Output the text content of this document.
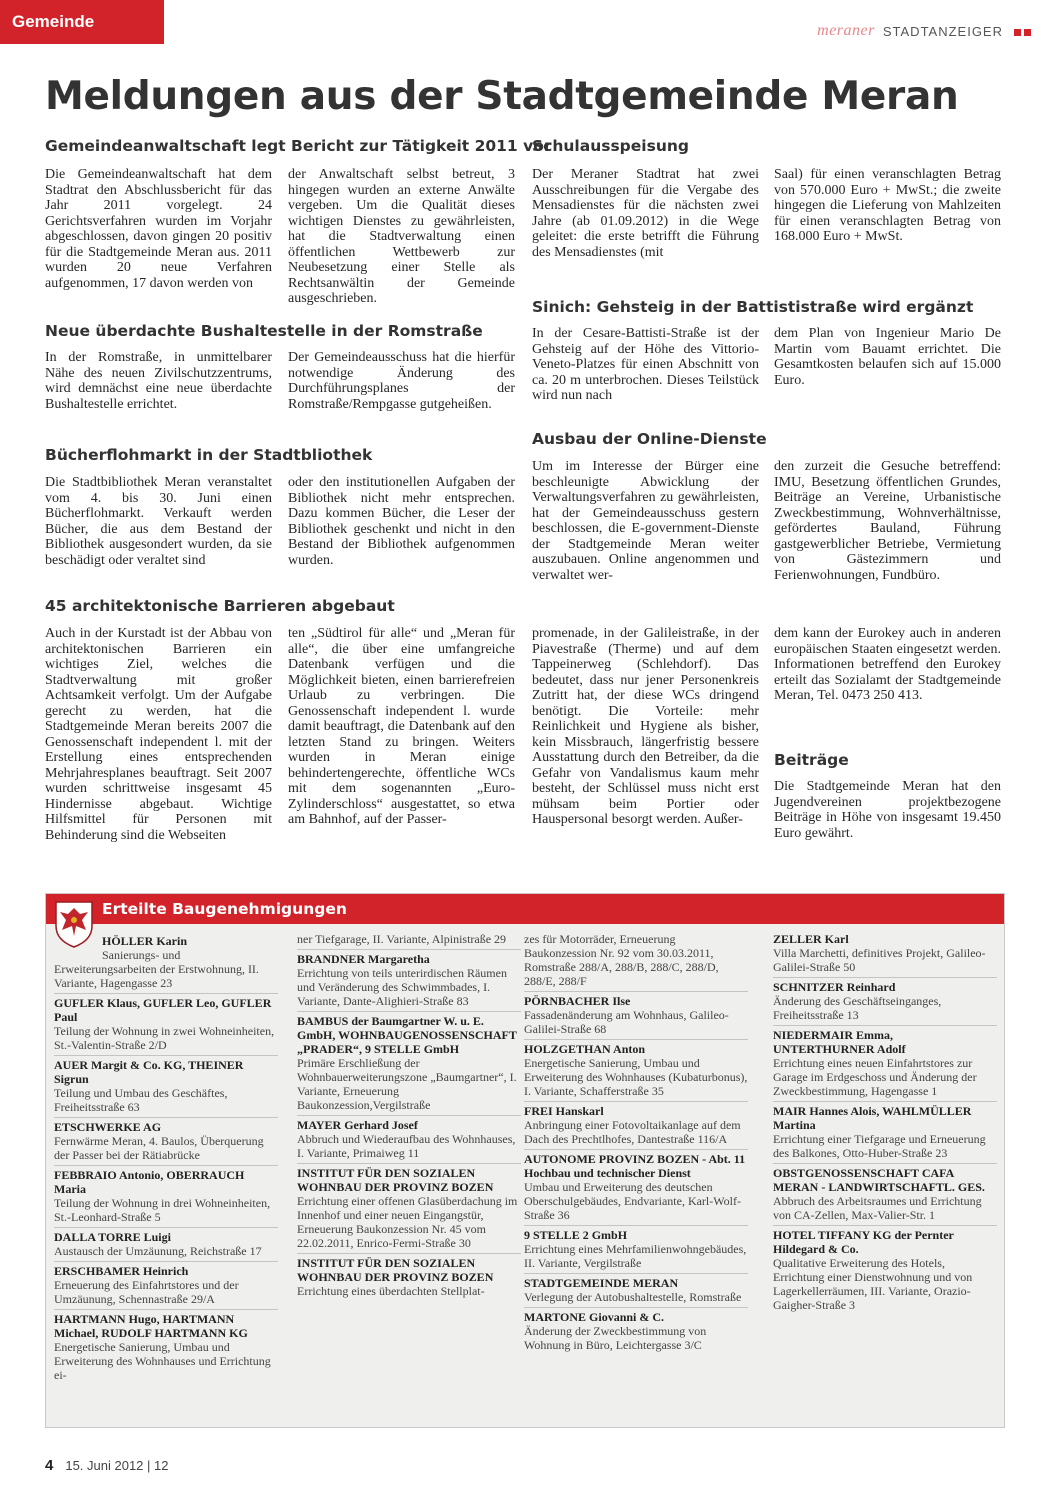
Gemeinde	meraner STADTANZEIGER
Meldungen aus der Stadtgemeinde Meran
Gemeindeanwaltschaft legt Bericht zur Tätigkeit 2011 vor
Die Gemeindeanwaltschaft hat dem Stadtrat den Abschlussbericht für das Jahr 2011 vorgelegt. 24 Gerichtsverfahren wurden im Vorjahr abgeschlossen, davon gingen 20 positiv für die Stadtgemeinde Meran aus. 2011 wurden 20 neue Verfahren aufgenommen, 17 davon werden von
der Anwaltschaft selbst betreut, 3 hingegen wurden an externe Anwälte vergeben. Um die Qualität dieses wichtigen Dienstes zu gewährleisten, hat die Stadtverwaltung einen öffentlichen Wettbewerb zur Neubesetzung einer Stelle als Rechtsanwältin der Gemeinde ausgeschrieben.
Neue überdachte Bushaltestelle in der Romstraße
In der Romstraße, in unmittelbarer Nähe des neuen Zivilschutzzentrums, wird demnächst eine neue überdachte Bushaltestelle errichtet.
Der Gemeindeausschuss hat die hierfür notwendige Änderung des Durchführungsplanes der Romstraße/Rempgasse gutgeheißen.
Bücherflohmarkt in der Stadtbliothek
Die Stadtbibliothek Meran veranstaltet vom 4. bis 30. Juni einen Bücherflohmarkt. Verkauft werden Bücher, die aus dem Bestand der Bibliothek ausgesondert wurden, da sie beschädigt oder veraltet sind
oder den institutionellen Aufgaben der Bibliothek nicht mehr entsprechen. Dazu kommen Bücher, die Leser der Bibliothek geschenkt und nicht in den Bestand der Bibliothek aufgenommen wurden.
45 architektonische Barrieren abgebaut
Auch in der Kurstadt ist der Abbau von architektonischen Barrieren ein wichtiges Ziel, welches die Stadtverwaltung mit großer Achtsamkeit verfolgt. Um der Aufgabe gerecht zu werden, hat die Stadtgemeinde Meran bereits 2007 die Genossenschaft independent l. mit der Erstellung eines entsprechenden Mehrjahresplanes beauftragt. Seit 2007 wurden schrittweise insgesamt 45 Hindernisse abgebaut. Wichtige Hilfsmittel für Personen mit Behinderung sind die Webseiten
ten „Südtirol für alle“ und „Meran für alle“, die über eine umfangreiche Datenbank verfügen und die Möglichkeit bieten, einen barrierefreien Urlaub zu verbringen. Die Genossenschaft independent l. wurde damit beauftragt, die Datenbank auf den letzten Stand zu bringen. Weiters wurden in Meran einige behindertengerechte, öffentliche WCs mit dem sogenannten „Euro-Zylinderschloss“ ausgestattet, so etwa am Bahnhof, auf der Passer-
promenade, in der Galileistraße, in der Piavestraße (Therme) und auf dem Tappeinerweg (Schlehdorf). Das bedeutet, dass nur jener Personenkreis Zutritt hat, der diese WCs dringend benötigt. Die Vorteile: mehr Reinlichkeit und Hygiene als bisher, kein Missbrauch, längerfristig bessere Ausstattung durch den Betreiber, da die Gefahr von Vandalismus kaum mehr besteht, der Schlüssel muss nicht erst mühsam beim Portier oder Hauspersonal besorgt werden. Außer-
dem kann der Eurokey auch in anderen europäischen Staaten eingesetzt werden. Informationen betreffend den Eurokey erteilt das Sozialamt der Stadtgemeinde Meran, Tel. 0473 250 413.
Schulausspeisung
Der Meraner Stadtrat hat zwei Ausschreibungen für die Vergabe des Mensadienstes für die nächsten zwei Jahre (ab 01.09.2012) in die Wege geleitet: die erste betrifft die Führung des Mensadienstes (mit
Saal) für einen veranschlagten Betrag von 570.000 Euro + MwSt.; die zweite hingegen die Lieferung von Mahlzeiten für einen veranschlagten Betrag von 168.000 Euro + MwSt.
Sinich: Gehsteig in der Battististraße wird ergänzt
In der Cesare-Battisti-Straße ist der Gehsteig auf der Höhe des Vittorio-Veneto-Platzes für einen Abschnitt von ca. 20 m unterbrochen. Dieses Teilstück wird nun nach
dem Plan von Ingenieur Mario De Martin vom Bauamt errichtet. Die Gesamtkosten belaufen sich auf 15.000 Euro.
Ausbau der Online-Dienste
Um im Interesse der Bürger eine beschleunigte Abwicklung der Verwaltungsverfahren zu gewährleisten, hat der Gemeindeausschuss gestern beschlossen, die E-government-Dienste der Stadtgemeinde Meran weiter auszubauen. Online angenommen und verwaltet wer-
den zurzeit die Gesuche betreffend: IMU, Besetzung öffentlichen Grundes, Beiträge an Vereine, Urbanistische Zweckbestimmung, Wohnverhältnisse, gefördertes Bauland, Führung gastgewerblicher Betriebe, Vermietung von Gästezimmern und Ferienwohnungen, Fundbüro.
Beiträge
Die Stadtgemeinde Meran hat den Jugendvereinen projektbezogene Beiträge in Höhe von insgesamt 19.450 Euro gewährt.
Erteilte Baugenehmigungen
HÖLLER Karin
Sanierungs- und Erweiterungsarbeiten der Erstwohnung, II. Variante, Hagengasse 23
GUFLER Klaus, GUFLER Leo, GUFLER Paul
Teilung der Wohnung in zwei Wohneinheiten, St.-Valentin-Straße 2/D
AUER Margit & Co. KG, THEINER Sigrun
Teilung und Umbau des Geschäftes, Freiheitsstraße 63
ETSCHWERKE AG
Fernwärme Meran, 4. Baulos, Überquerung der Passer bei der Rätiabrücke
FEBBRAIO Antonio, OBERRAUCH Maria
Teilung der Wohnung in drei Wohneinheiten, St.-Leonhard-Straße 5
DALLA TORRE Luigi
Austausch der Umzäunung, Reichstraße 17
ERSCHBAMER Heinrich
Erneuerung des Einfahrtstores und der Umzäunung, Schennastraße 29/A
HARTMANN Hugo, HARTMANN Michael, RUDOLF HARTMANN KG
Energetische Sanierung, Umbau und Erweiterung des Wohnhauses und Errichtung ei-
ner Tiefgarage, II. Variante, Alpinistraße 29
BRANDNER Margaretha
Errichtung von teils unterirdischen Räumen und Veränderung des Schwimmbades, I. Variante, Dante-Alighieri-Straße 83
BAMBUS der Baumgartner W. u. E. GmbH, WOHNBAUGENOSSENSCHAFT „PRADER“, 9 STELLE GmbH
Primäre Erschließung der Wohnbauerweiterungszone „Baumgartner“, I. Variante, Erneuerung Baukonzession,Vergilstraße
MAYER Gerhard Josef
Abbruch und Wiederaufbau des Wohnhauses, I. Variante, Primaiweg 11
INSTITUT FÜR DEN SOZIALEN WOHNBAU DER PROVINZ BOZEN
Errichtung einer offenen Glasüberdachung im Innenhof und einer neuen Eingangstür, Erneuerung Baukonzession Nr. 45 vom 22.02.2011, Enrico-Fermi-Straße 30
INSTITUT FÜR DEN SOZIALEN WOHNBAU DER PROVINZ BOZEN
Errichtung eines überdachten Stellplat-
zes für Motorräder, Erneuerung Baukonzession Nr. 92 vom 30.03.2011, Romstraße 288/A, 288/B, 288/C, 288/D, 288/E, 288/F
PÖRNBACHER Ilse
Fassadenänderung am Wohnhaus, Galileo-Galilei-Straße 68
HOLZGETHAN Anton
Energetische Sanierung, Umbau und Erweiterung des Wohnhauses (Kubaturbonus), I. Variante, Schafferstraße 35
FREI Hanskarl
Anbringung einer Fotovoltaikanlage auf dem Dach des Prechtlhofes, Dantestraße 116/A
AUTONOME PROVINZ BOZEN - Abt. 11 Hochbau und technischer Dienst
Umbau und Erweiterung des deutschen Oberschulgebäudes, Endvariante, Karl-Wolf-Straße 36
9 STELLE 2 GmbH
Errichtung eines Mehrfamilienwohngebäudes, II. Variante, Vergilstraße
STADTGEMEINDE MERAN
Verlegung der Autobushaltestelle, Romstraße
MARTONE Giovanni & C.
Änderung der Zweckbestimmung von Wohnung in Büro, Leichtergasse 3/C
ZELLER Karl
Villa Marchetti, definitives Projekt, Galileo-Galilei-Straße 50
SCHNITZER Reinhard
Änderung des Geschäftseinganges, Freiheitsstraße 13
NIEDERMAIR Emma, UNTERTHURNER Adolf
Errichtung eines neuen Einfahrtstores zur Garage im Erdgeschoss und Änderung der Zweckbestimmung, Hagengasse 1
MAIR Hannes Alois, WAHLMÜLLER Martina
Errichtung einer Tiefgarage und Erneuerung des Balkones, Otto-Huber-Straße 23
OBSTGENOSSENSCHAFT CAFA MERAN - LANDWIRTSCHAFTL. GES.
Abbruch des Arbeitsraumes und Errichtung von CA-Zellen, Max-Valier-Str. 1
HOTEL TIFFANY KG der Pernter Hildegard & Co.
Qualitative Erweiterung des Hotels, Errichtung einer Dienstwohnung und von Lagerkellerräumen, III. Variante, Orazio-Gaigher-Straße 3
4 15. Juni 2012 | 12
